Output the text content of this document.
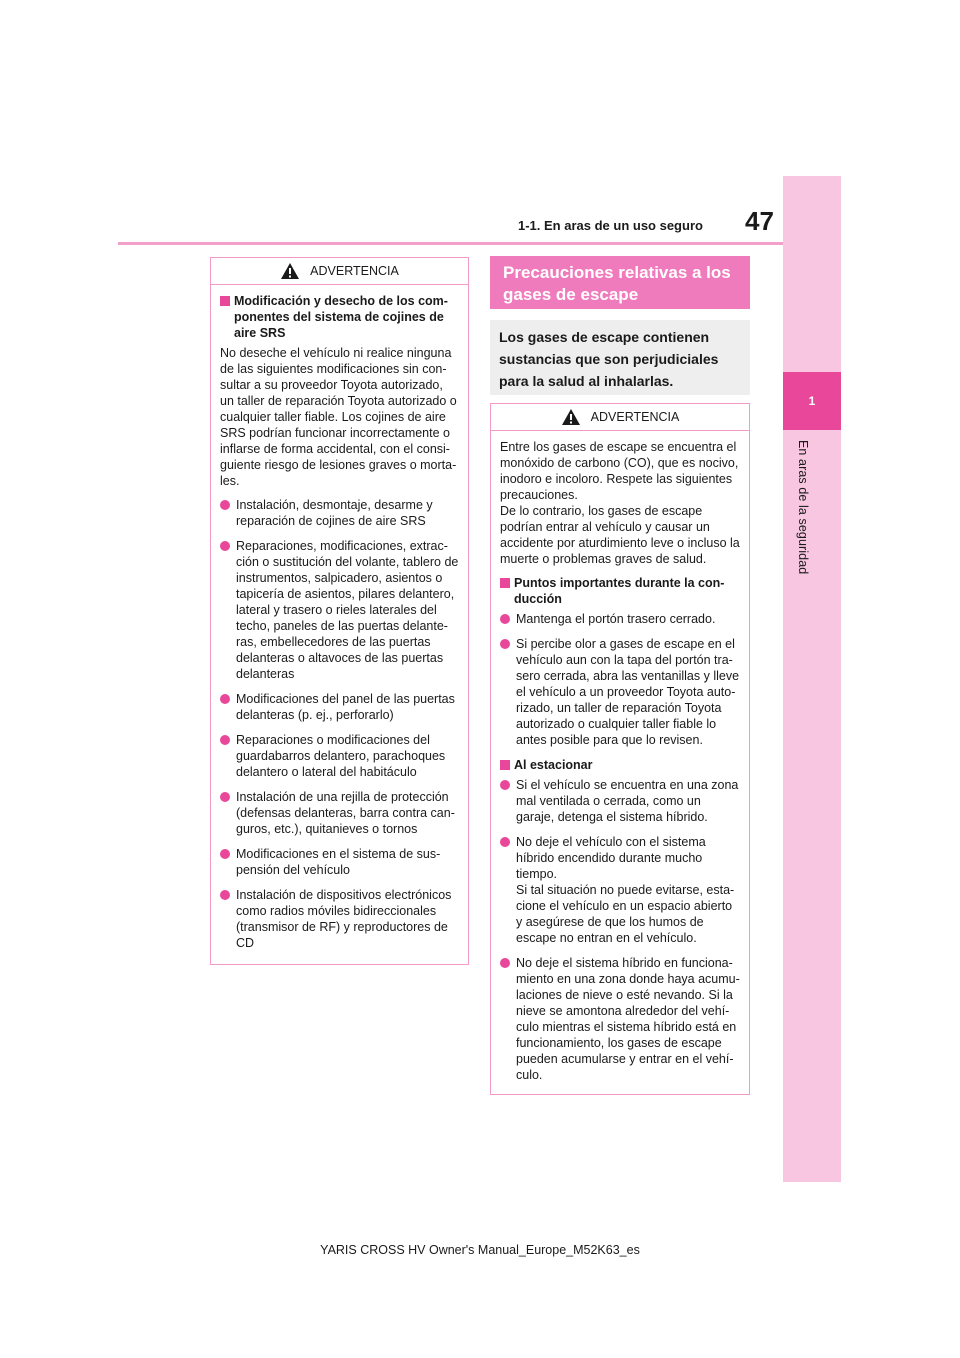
1-1. En aras de un uso seguro 47
1
En aras de la seguridad
ADVERTENCIA
Modificación y desecho de los com-ponentes del sistema de cojines de aire SRS

No deseche el vehículo ni realice ninguna de las siguientes modificaciones sin con-sultar a su proveedor Toyota autorizado, un taller de reparación Toyota autorizado o cualquier taller fiable. Los cojines de aire SRS podrían funcionar incorrectamente o inflarse de forma accidental, con el consi-guiente riesgo de lesiones graves o morta-les.

Instalación, desmontaje, desarme y reparación de cojines de aire SRS
Reparaciones, modificaciones, extrac-ción o sustitución del volante, tablero de instrumentos, salpicadero, asientos o tapicería de asientos, pilares delantero, lateral y trasero o rieles laterales del techo, paneles de las puertas delante-ras, embellecedores de las puertas delanteras o altavoces de las puertas delanteras
Modificaciones del panel de las puertas delanteras (p. ej., perforarlo)
Reparaciones o modificaciones del guardabarros delantero, parachoques delantero o lateral del habitáculo
Instalación de una rejilla de protección (defensas delanteras, barra contra can-guros, etc.), quitanieves o tornos
Modificaciones en el sistema de sus-pensión del vehículo
Instalación de dispositivos electrónicos como radios móviles bidireccionales (transmisor de RF) y reproductores de CD
Precauciones relativas a los gases de escape
Los gases de escape contienen sustancias que son perjudiciales para la salud al inhalarlas.
ADVERTENCIA

Entre los gases de escape se encuentra el monóxido de carbono (CO), que es nocivo, inodoro e incoloro. Respete las siguientes precauciones.

De lo contrario, los gases de escape podrían entrar al vehículo y causar un accidente por aturdimiento leve o incluso la muerte o problemas graves de salud.

Puntos importantes durante la con-ducción
Mantenga el portón trasero cerrado.
Si percibe olor a gases de escape en el vehículo aun con la tapa del portón tra-sero cerrada, abra las ventanillas y lleve el vehículo a un proveedor Toyota auto-rizado, un taller de reparación Toyota autorizado o cualquier taller fiable lo antes posible para que lo revisen.
Al estacionar
Si el vehículo se encuentra en una zona mal ventilada o cerrada, como un garaje, detenga el sistema híbrido.
No deje el vehículo con el sistema híbrido encendido durante mucho tiempo.
Si tal situación no puede evitarse, esta-cione el vehículo en un espacio abierto y asegúrese de que los humos de escape no entran en el vehículo.
No deje el sistema híbrido en funciona-miento en una zona donde haya acumu-laciones de nieve o esté nevando. Si la nieve se amontona alrededor del vehí-culo mientras el sistema híbrido está en funcionamiento, los gases de escape pueden acumularse y entrar en el vehí-culo.
YARIS CROSS HV Owner's Manual_Europe_M52K63_es
